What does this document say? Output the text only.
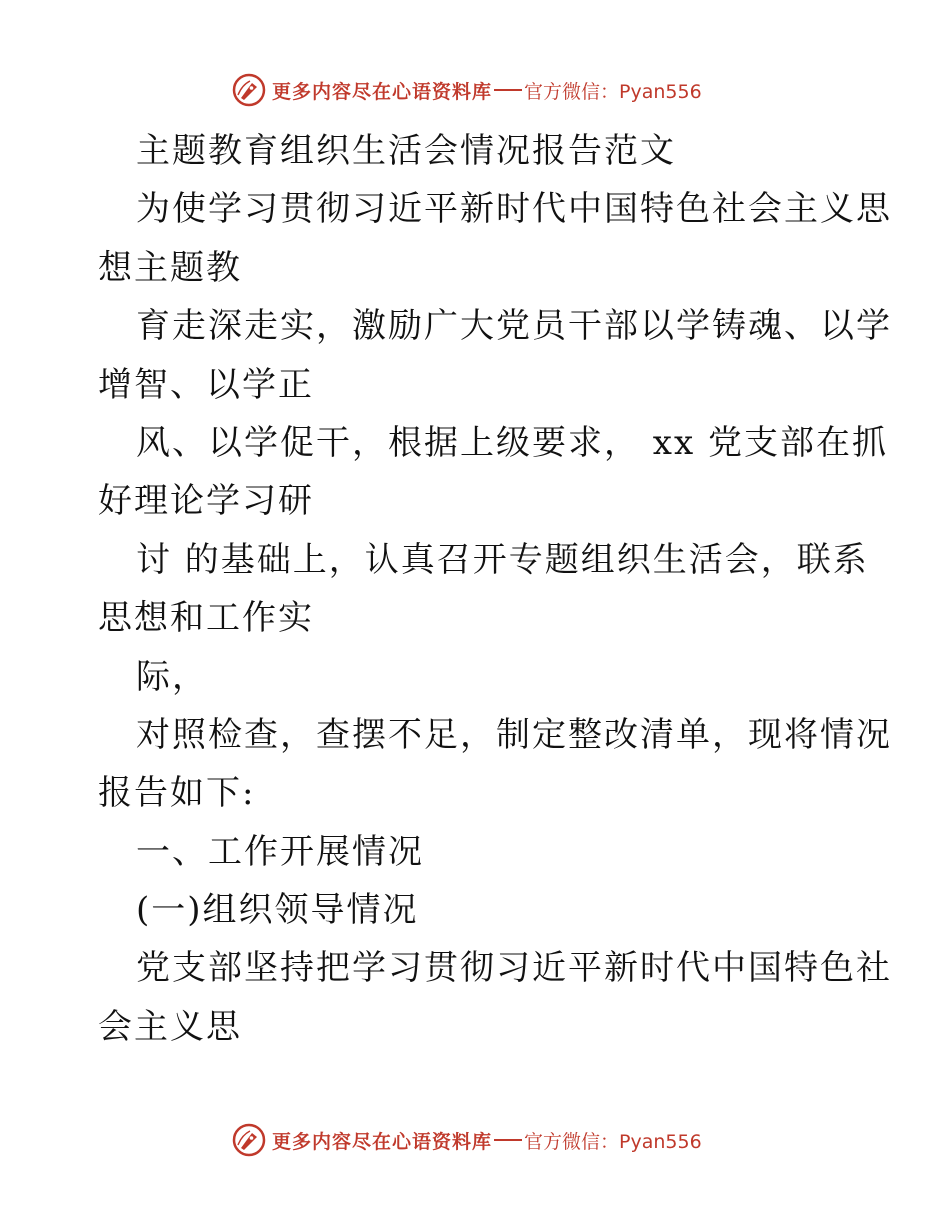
更多内容尽在心语资料库 官方微信：Pyan556
主题教育组织生活会情况报告范文
为使学习贯彻习近平新时代中国特色社会主义思
想主题教
育走深走实，激励广大党员干部以学铸魂、以学
增智、以学正
风、以学促干，根据上级要求， xx 党支部在抓
好理论学习研
讨 的基础上，认真召开专题组织生活会，联系
思想和工作实
际，
对照检查，查摆不足，制定整改清单，现将情况
报告如下:
一、工作开展情况
(一)组织领导情况
党支部坚持把学习贯彻习近平新时代中国特色社
会主义思
更多内容尽在心语资料库 官方微信：Pyan556
